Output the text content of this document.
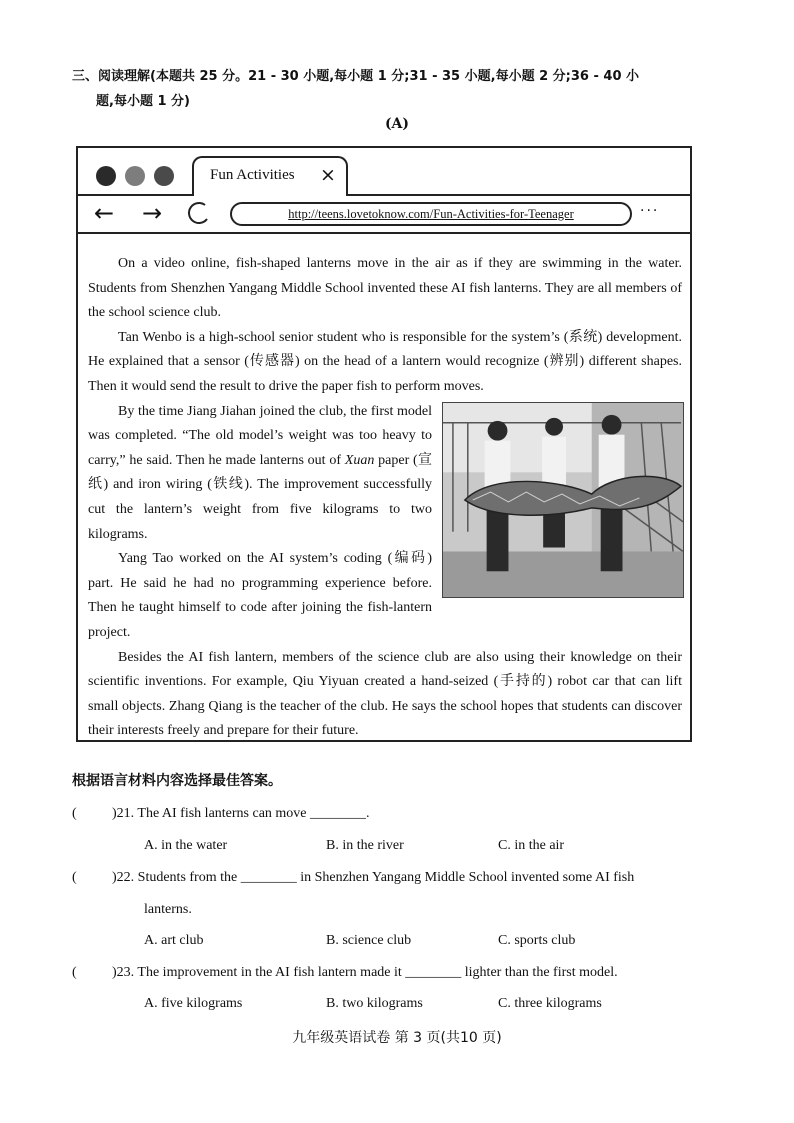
三、阅读理解(本题共 25 分。21 - 30 小题,每小题 1 分;31 - 35 小题,每小题 2 分;36 - 40 小
题,每小题 1 分)
(A)
Fun Activities ×
← →	http://teens.lovetoknow.com/Fun-Activities-for-Teenager	···

On a video online, fish-shaped lanterns move in the air as if they are swimming in the water. Students from Shenzhen Yangang Middle School invented these AI fish lanterns. They are all members of the school science club.

Tan Wenbo is a high-school senior student who is responsible for the system’s (系统) development. He explained that a sensor (传感器) on the head of a lantern would recognize (辨别) different shapes. Then it would send the result to drive the paper fish to perform moves.

By the time Jiang Jiahan joined the club, the first model was completed. “The old model’s weight was too heavy to carry,” he said. Then he made lanterns out of Xuan paper (宣纸) and iron wiring (铁线). The improvement successfully cut the lantern’s weight from five kilograms to two kilograms.

Yang Tao worked on the AI system’s coding (编码) part. He said he had no programming experience before. Then he taught himself to code after joining the fish-lantern project.

Besides the AI fish lantern, members of the science club are also using their knowledge on their scientific inventions. For example, Qiu Yiyuan created a hand-seized (手持的) robot car that can lift small objects. Zhang Qiang is the teacher of the club. He says the school hopes that students can discover their interests freely and prepare for their future.

根据语言材料内容选择最佳答案。
(	)21. The AI fish lanterns can move ________.
A. in the water	B. in the river	C. in the air
(	)22. Students from the ________ in Shenzhen Yangang Middle School invented some AI fish
lanterns.
A. art club	B. science club	C. sports club
(	)23. The improvement in the AI fish lantern made it ________ lighter than the first model.
A. five kilograms	B. two kilograms	C. three kilograms
九年级英语试卷 第 3 页(共10 页)
